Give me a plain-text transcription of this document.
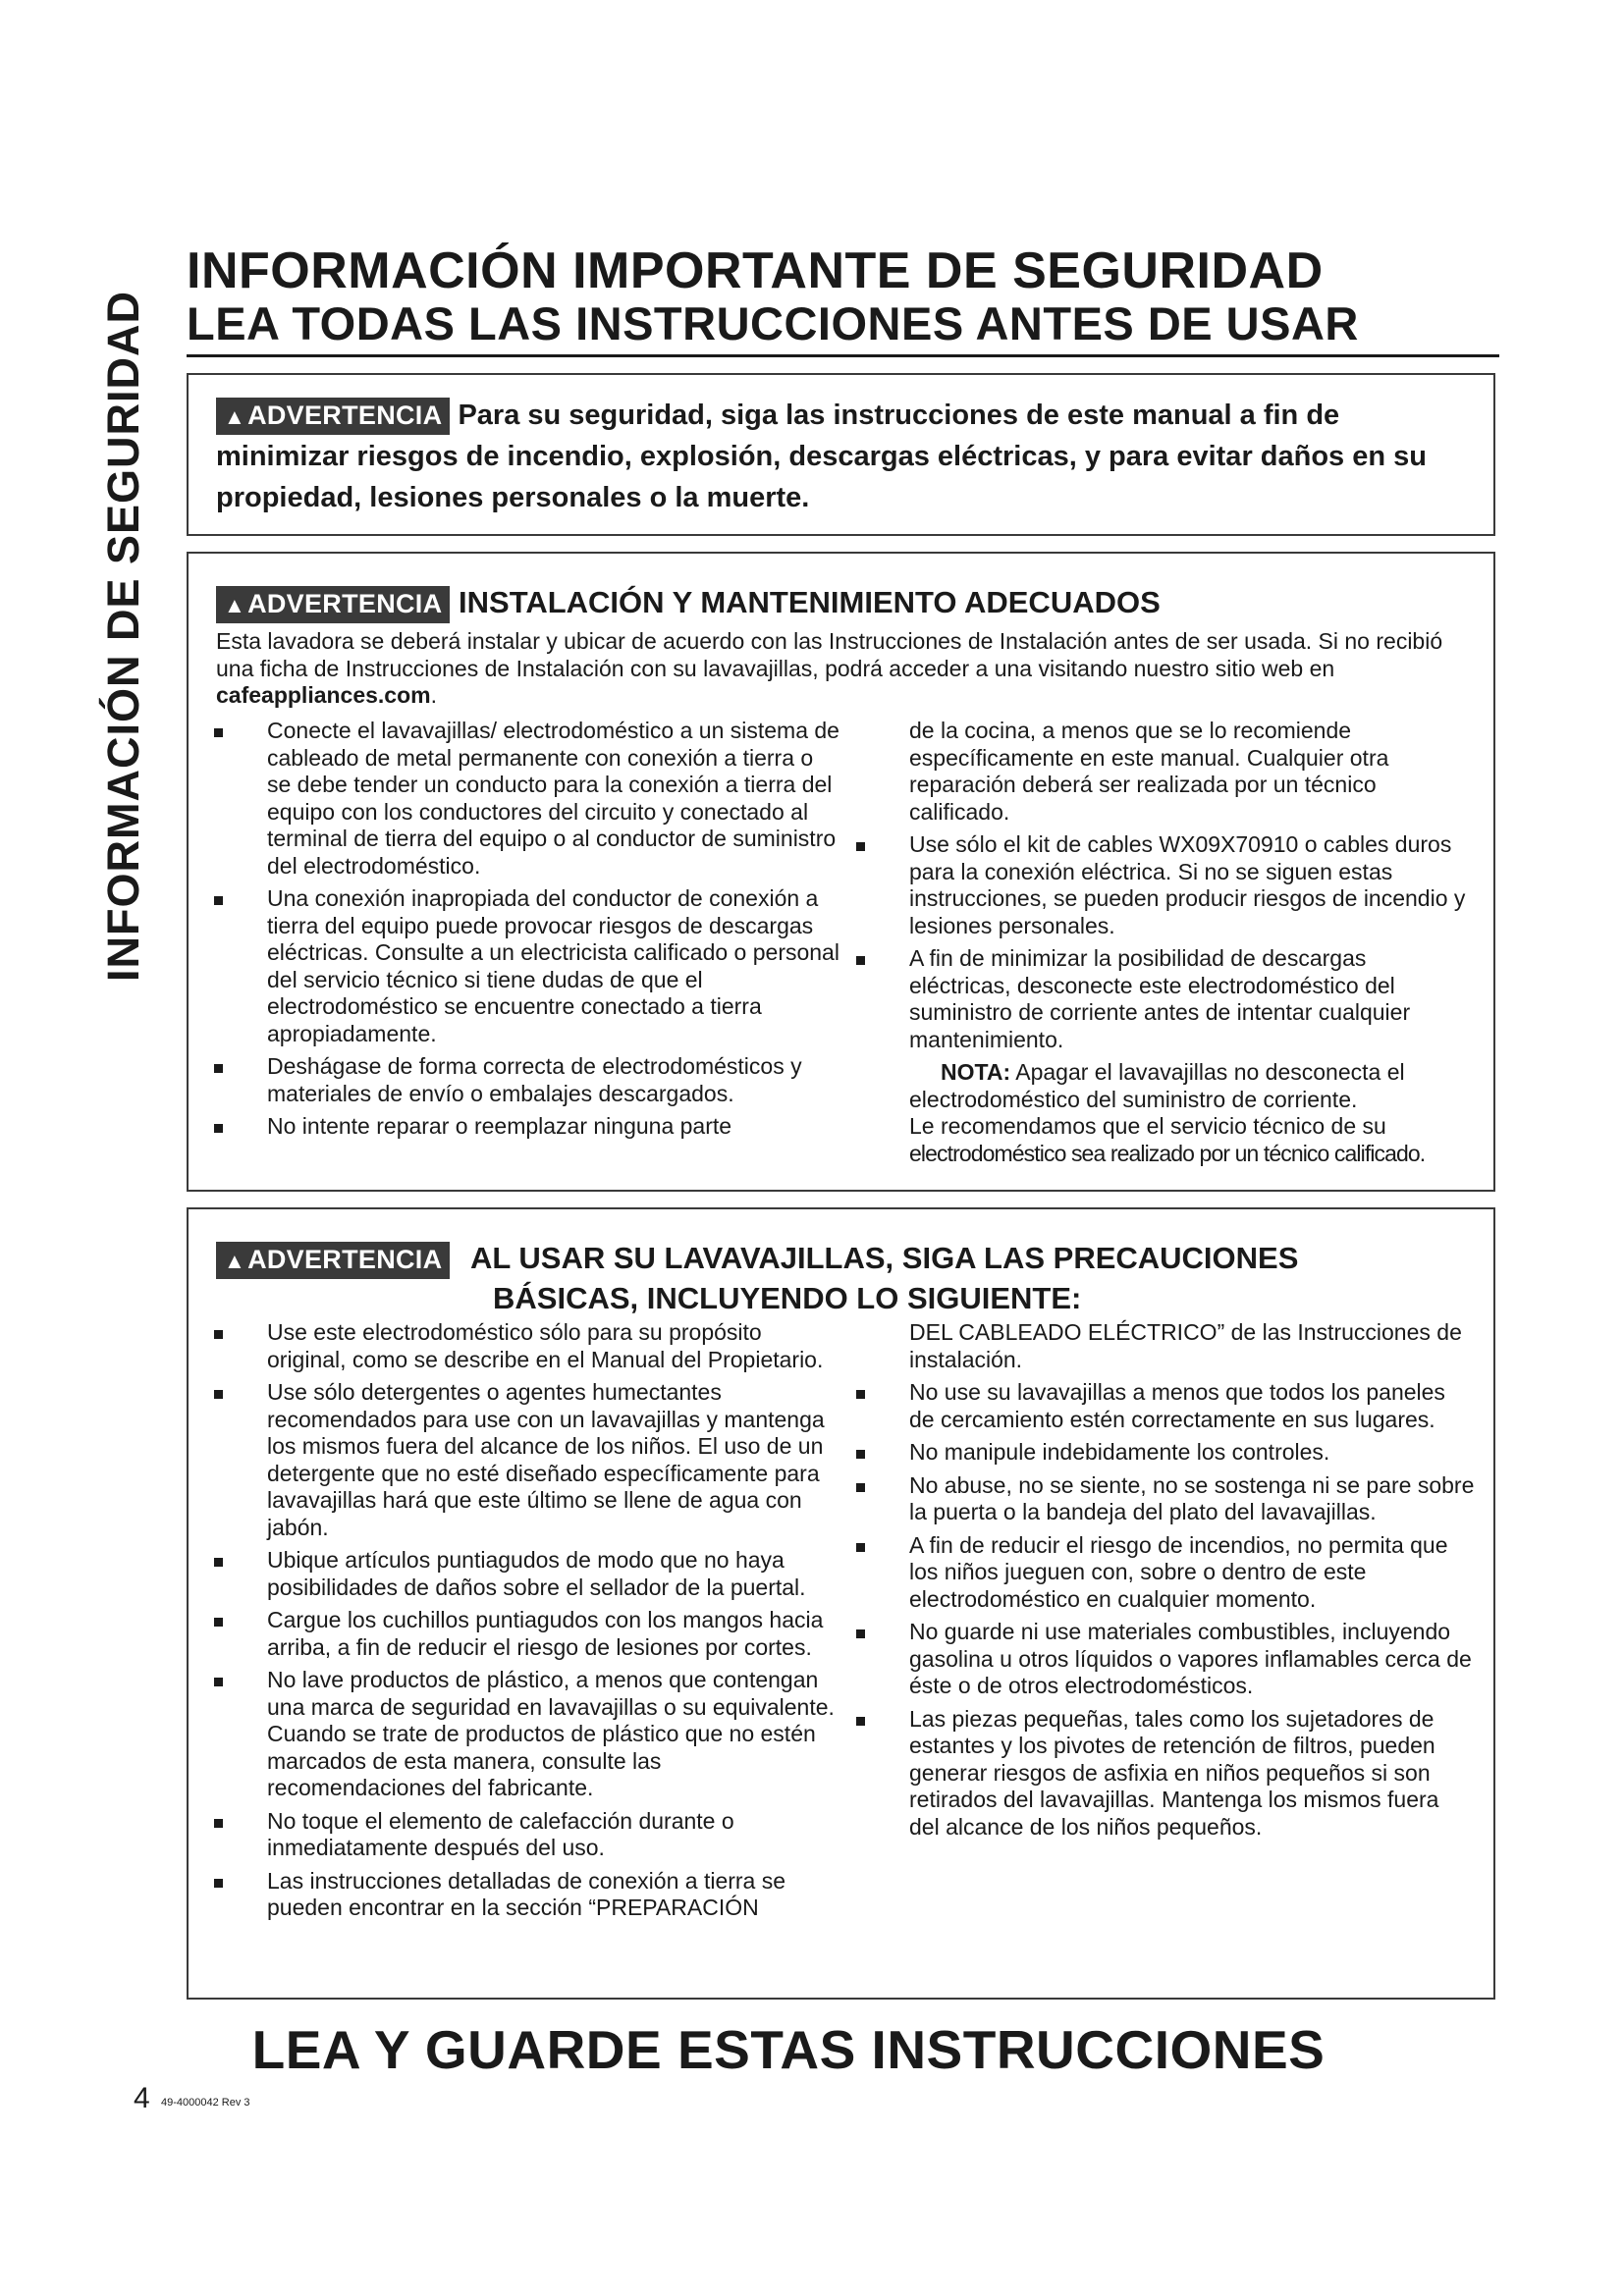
INFORMACIÓN DE SEGURIDAD
INFORMACIÓN IMPORTANTE DE SEGURIDAD
LEA TODAS LAS INSTRUCCIONES ANTES DE USAR
▲ADVERTENCIA Para su seguridad, siga las instrucciones de este manual a fin de minimizar riesgos de incendio, explosión, descargas eléctricas, y para evitar daños en su propiedad, lesiones personales o la muerte.
▲ADVERTENCIA INSTALACIÓN Y MANTENIMIENTO ADECUADOS
Esta lavadora se deberá instalar y ubicar de acuerdo con las Instrucciones de Instalación antes de ser usada. Si no recibió una ficha de Instrucciones de Instalación con su lavavajillas, podrá acceder a una visitando nuestro sitio web en cafeappliances.com.
Conecte el lavavajillas/ electrodoméstico a un sistema de cableado de metal permanente con conexión a tierra o se debe tender un conducto para la conexión a tierra del equipo con los conductores del circuito y conectado al terminal de tierra del equipo o al conductor de suministro del electrodoméstico.
Una conexión inapropiada del conductor de conexión a tierra del equipo puede provocar riesgos de descargas eléctricas. Consulte a un electricista calificado o personal del servicio técnico si tiene dudas de que el electrodoméstico se encuentre conectado a tierra apropiadamente.
Deshágase de forma correcta de electrodomésticos y materiales de envío o embalajes descargados.
No intente reparar o reemplazar ninguna parte
de la cocina, a menos que se lo recomiende específicamente en este manual. Cualquier otra reparación deberá ser realizada por un técnico calificado.
Use sólo el kit de cables WX09X70910 o cables duros para la conexión eléctrica. Si no se siguen estas instrucciones, se pueden producir riesgos de incendio y lesiones personales.
A fin de minimizar la posibilidad de descargas eléctricas, desconecte este electrodoméstico del suministro de corriente antes de intentar cualquier mantenimiento.
NOTA: Apagar el lavavajillas no desconecta el electrodoméstico del suministro de corriente.
Le recomendamos que el servicio técnico de su
electrodoméstico sea realizado por un técnico calificado.
▲ADVERTENCIA AL USAR SU LAVAVAJILLAS, SIGA LAS PRECAUCIONES
BÁSICAS, INCLUYENDO LO SIGUIENTE:
Use este electrodoméstico sólo para su propósito original, como se describe en el Manual del Propietario.
Use sólo detergentes o agentes humectantes recomendados para use con un lavavajillas y mantenga los mismos fuera del alcance de los niños. El uso de un detergente que no esté diseñado específicamente para lavavajillas hará que este último se llene de agua con jabón.
Ubique artículos puntiagudos de modo que no haya posibilidades de daños sobre el sellador de la puertal.
Cargue los cuchillos puntiagudos con los mangos hacia arriba, a fin de reducir el riesgo de lesiones por cortes.
No lave productos de plástico, a menos que contengan una marca de seguridad en lavavajillas o su equivalente. Cuando se trate de productos de plástico que no estén marcados de esta manera, consulte las recomendaciones del fabricante.
No toque el elemento de calefacción durante o inmediatamente después del uso.
Las instrucciones detalladas de conexión a tierra se pueden encontrar en la sección “PREPARACIÓN
DEL CABLEADO ELÉCTRICO” de las Instrucciones de instalación.
No use su lavavajillas a menos que todos los paneles de cercamiento estén correctamente en sus lugares.
No manipule indebidamente los controles.
No abuse, no se siente, no se sostenga ni se pare sobre la puerta o la bandeja del plato del lavavajillas.
A fin de reducir el riesgo de incendios, no permita que los niños jueguen con, sobre o dentro de este electrodoméstico en cualquier momento.
No guarde ni use materiales combustibles, incluyendo gasolina u otros líquidos o vapores inflamables cerca de éste o de otros electrodomésticos.
Las piezas pequeñas, tales como los sujetadores de estantes y los pivotes de retención de filtros, pueden generar riesgos de asfixia en niños pequeños si son retirados del lavavajillas. Mantenga los mismos fuera del alcance de los niños pequeños.
LEA Y GUARDE ESTAS INSTRUCCIONES
4 49-4000042 Rev 3
